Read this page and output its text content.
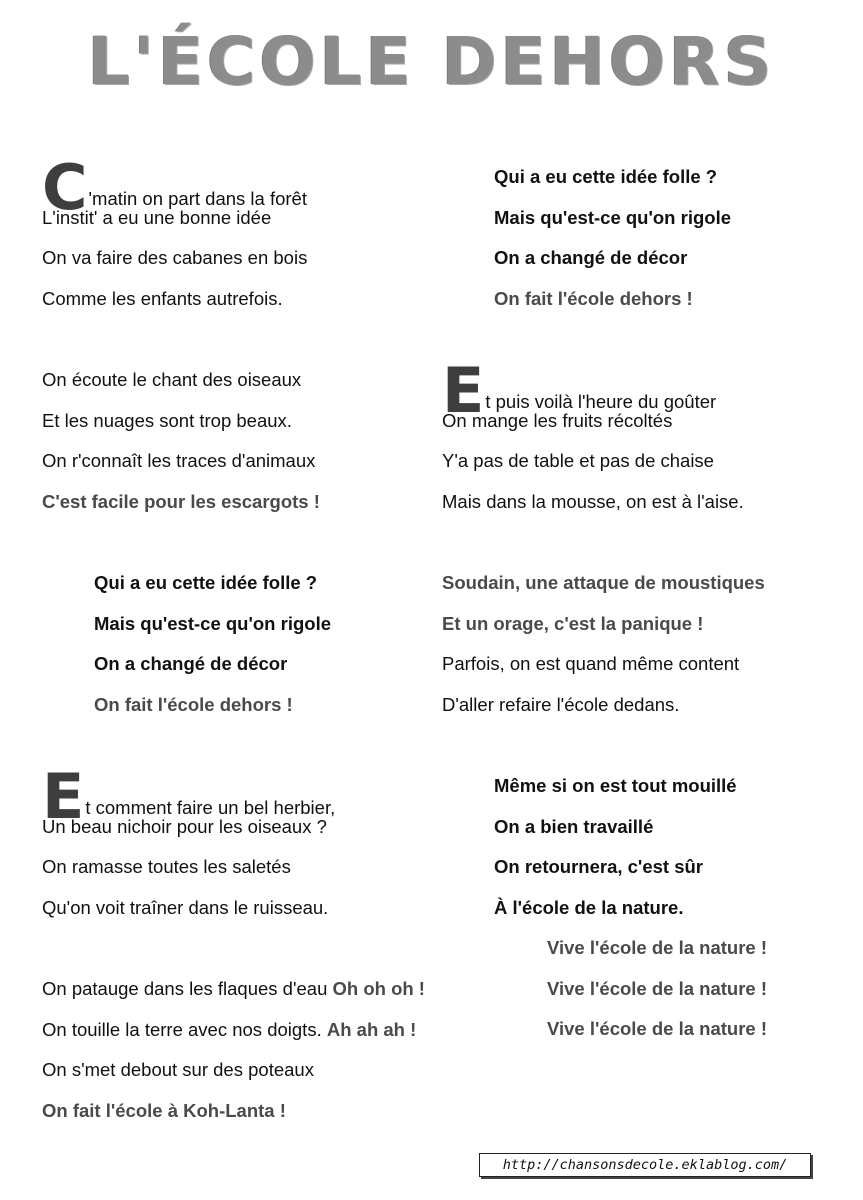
L'ÉCOLE DEHORS
C'matin on part dans la forêt
L'instit' a eu une bonne idée
On va faire des cabanes en bois
Comme les enfants autrefois.
On écoute le chant des oiseaux
Et les nuages sont trop beaux.
On r'connaît les traces d'animaux
C'est facile pour les escargots !
Qui a eu cette idée folle ?
Mais qu'est-ce qu'on rigole
On a changé de décor
On fait l'école dehors !
Et comment faire un bel herbier,
Un beau nichoir pour les oiseaux ?
On ramasse toutes les saletés
Qu'on voit traîner dans le ruisseau.
On patauge dans les flaques d'eau Oh oh oh !
On touille la terre avec nos doigts. Ah ah ah !
On s'met debout sur des poteaux
On fait l'école à Koh-Lanta !
Qui a eu cette idée folle ?
Mais qu'est-ce qu'on rigole
On a changé de décor
On fait l'école dehors !
Et puis voilà l'heure du goûter
On mange les fruits récoltés
Y'a pas de table et pas de chaise
Mais dans la mousse, on est à l'aise.
Soudain, une attaque de moustiques
Et un orage, c'est la panique !
Parfois, on est quand même content
D'aller refaire l'école dedans.
Même si on est tout mouillé
On a bien travaillé
On retournera, c'est sûr
À l'école de la nature.
Vive l'école de la nature !
Vive l'école de la nature !
Vive l'école de la nature !
http://chansonsdecole.eklablog.com/
